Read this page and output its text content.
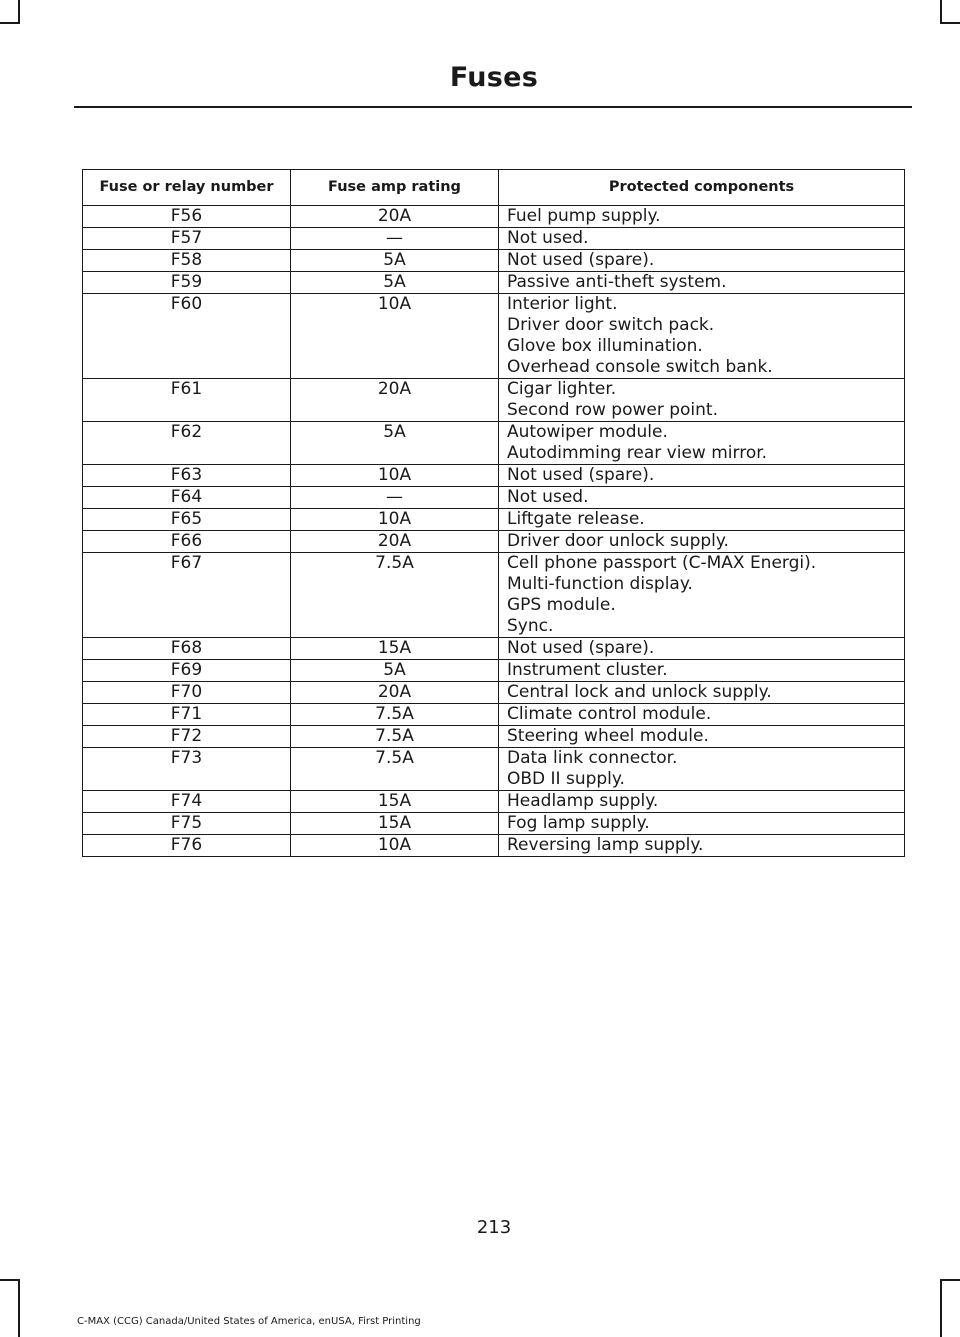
Fuses
Fuse or relay number	Fuse amp rating	Protected components
F56	20A	Fuel pump supply.

F57	—	Not used.

F58	5A	Not used (spare).

F59	5A	Passive anti-theft system.

F60	10A	Interior light.
Driver door switch pack.
Glove box illumination.
Overhead console switch bank.

F61	20A	Cigar lighter.
Second row power point.

F62	5A	Autowiper module.
Autodimming rear view mirror.

F63	10A	Not used (spare).

F64	—	Not used.

F65	10A	Liftgate release.

F66	20A	Driver door unlock supply.

F67	7.5A	Cell phone passport (C-MAX Energi).
Multi-function display.
GPS module.
Sync.

F68	15A	Not used (spare).

F69	5A	Instrument cluster.

F70	20A	Central lock and unlock supply.

F71	7.5A	Climate control module.

F72	7.5A	Steering wheel module.

F73	7.5A	Data link connector.
OBD II supply.

F74	15A	Headlamp supply.

F75	15A	Fog lamp supply.

F76	10A	Reversing lamp supply.
213
C-MAX (CCG) Canada/United States of America, enUSA, First Printing
